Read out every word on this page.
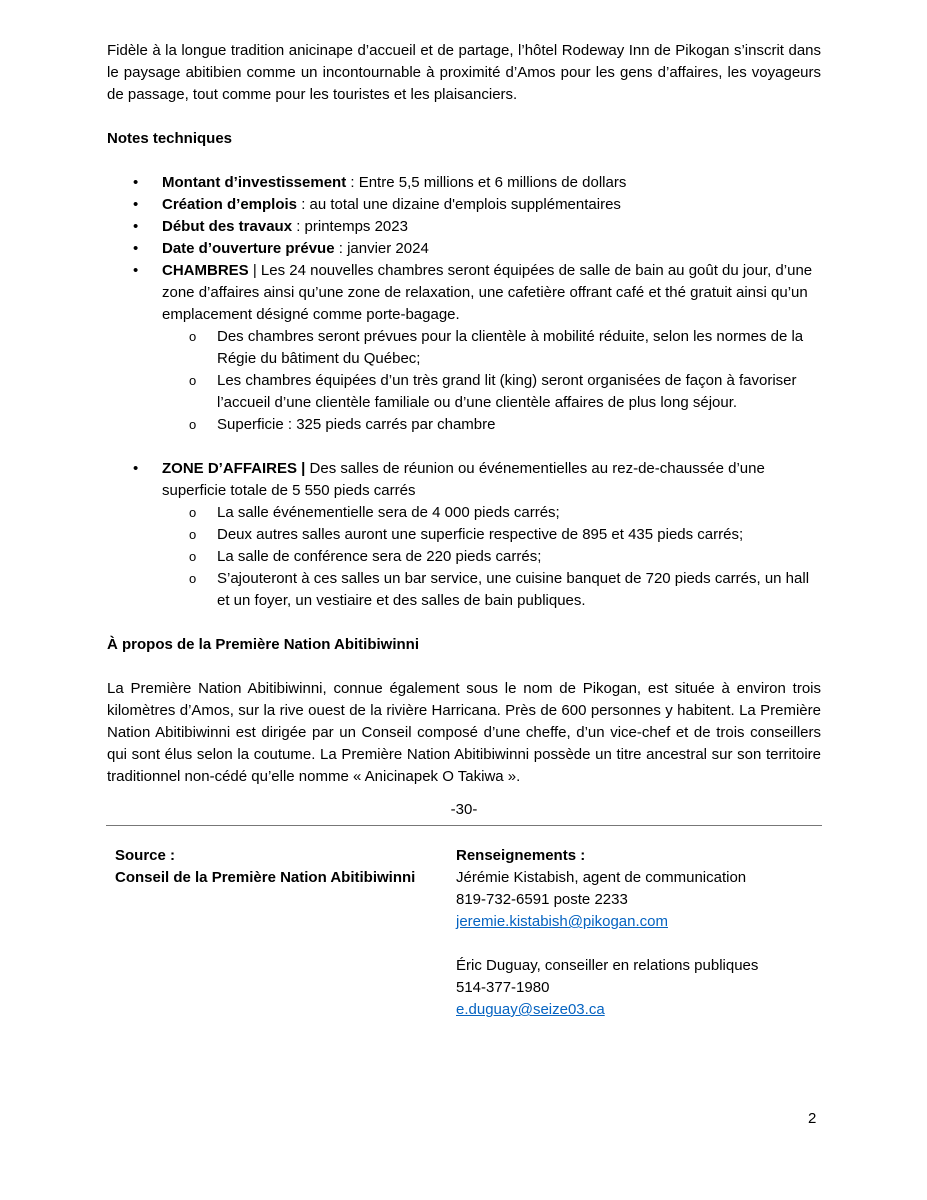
Fidèle à la longue tradition anicinape d’accueil et de partage, l’hôtel Rodeway Inn de Pikogan s’inscrit dans le paysage abitibien comme un incontournable à proximité d’Amos pour les gens d’affaires, les voyageurs de passage, tout comme pour les touristes et les plaisanciers.

Notes techniques

• Montant d’investissement : Entre 5,5 millions et 6 millions de dollars
• Création d’emplois : au total une dizaine d'emplois supplémentaires
• Début des travaux : printemps 2023
• Date d’ouverture prévue : janvier 2024
• CHAMBRES | Les 24 nouvelles chambres seront équipées de salle de bain au goût du jour, d’une zone d’affaires ainsi qu’une zone de relaxation, une cafetière offrant café et thé gratuit ainsi qu’un emplacement désigné comme porte-bagage.
o Des chambres seront prévues pour la clientèle à mobilité réduite, selon les normes de la Régie du bâtiment du Québec;
o Les chambres équipées d’un très grand lit (king) seront organisées de façon à favoriser l’accueil d’une clientèle familiale ou d’une clientèle affaires de plus long séjour.
o Superficie : 325 pieds carrés par chambre
• ZONE D’AFFAIRES | Des salles de réunion ou événementielles au rez-de-chaussée d’une superficie totale de 5 550 pieds carrés
o La salle événementielle sera de 4 000 pieds carrés;
o Deux autres salles auront une superficie respective de 895 et 435 pieds carrés;
o La salle de conférence sera de 220 pieds carrés;
o S’ajouteront à ces salles un bar service, une cuisine banquet de 720 pieds carrés, un hall et un foyer, un vestiaire et des salles de bain publiques.

À propos de la Première Nation Abitibiwinni

La Première Nation Abitibiwinni, connue également sous le nom de Pikogan, est située à environ trois kilomètres d’Amos, sur la rive ouest de la rivière Harricana. Près de 600 personnes y habitent. La Première Nation Abitibiwinni est dirigée par un Conseil composé d’une cheffe, d’un vice-chef et de trois conseillers qui sont élus selon la coutume. La Première Nation Abitibiwinni possède un titre ancestral sur son territoire traditionnel non-cédé qu’elle nomme « Anicinapek O Takiwa ».

-30-

Source :

Conseil de la Première Nation Abitibiwinni

Renseignements :

Jérémie Kistabish, agent de communication

819-732-6591 poste 2233

jeremie.kistabish@pikogan.com

Éric Duguay, conseiller en relations publiques

514-377-1980

e.duguay@seize03.ca

2
